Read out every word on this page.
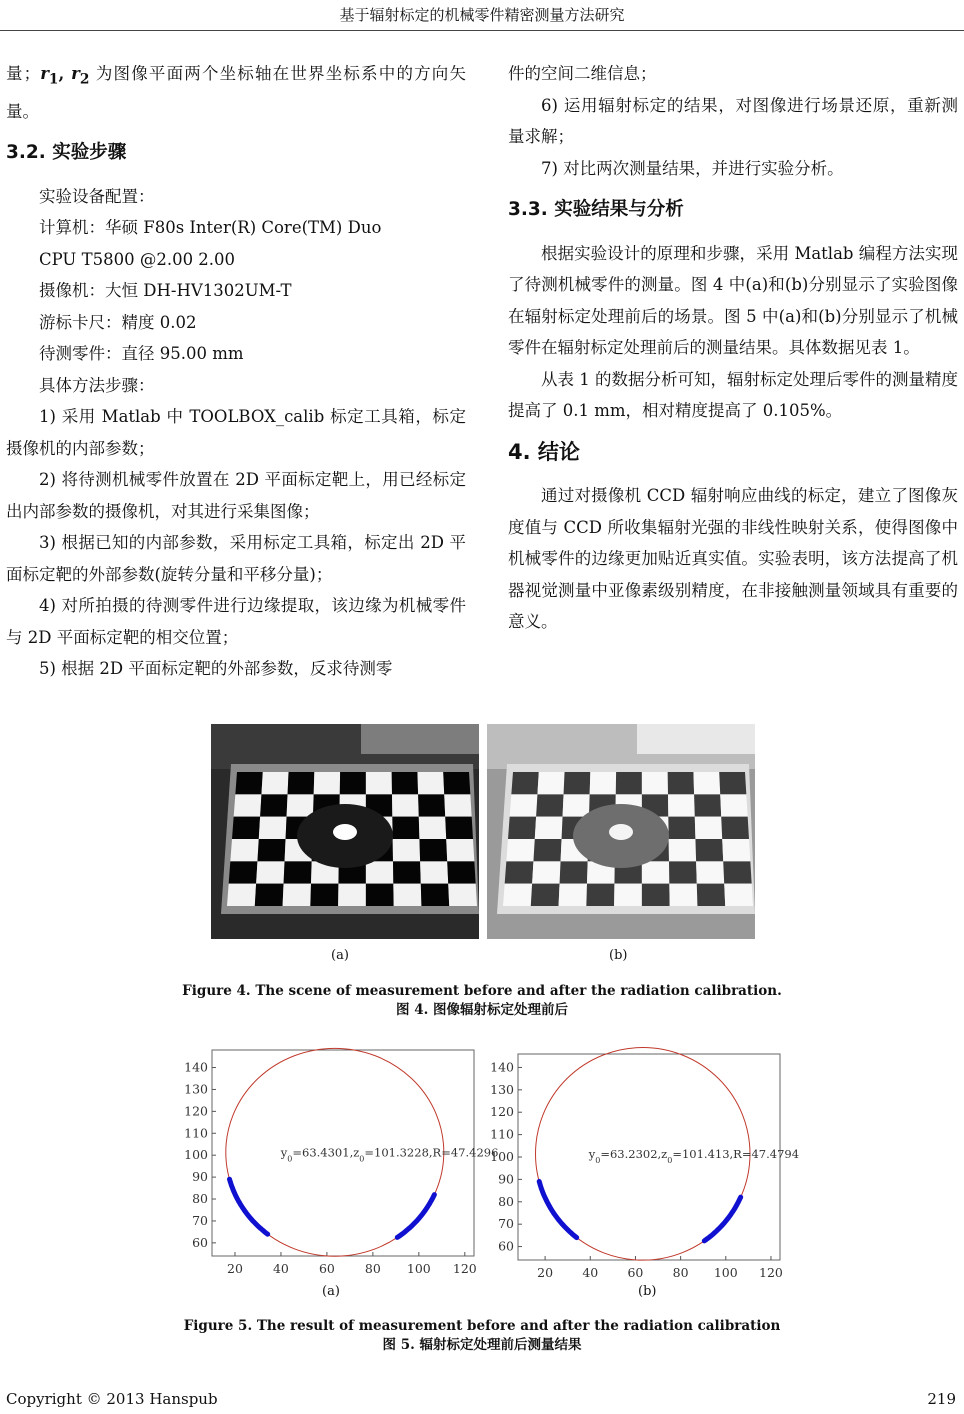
基于辐射标定的机械零件精密测量方法研究

量；$r_1$, $r_2$ 为图像平面两个坐标轴在世界坐标系中的方向矢量。

3.2. 实验步骤

实验设备配置：

计算机：华硕 F80s Inter(R) Core(TM) Duo

CPU T5800 @2.00 2.00

摄像机：大恒 DH-HV1302UM-T

游标卡尺：精度 0.02

待测零件：直径 95.00 mm

具体方法步骤：

1) 采用 Matlab 中 TOOLBOX_calib 标定工具箱，标定摄像机的内部参数；

2) 将待测机械零件放置在 2D 平面标定靶上，用已经标定出内部参数的摄像机，对其进行采集图像；

3) 根据已知的内部参数，采用标定工具箱，标定出 2D 平面标定靶的外部参数(旋转分量和平移分量)；

4) 对所拍摄的待测零件进行边缘提取，该边缘为机械零件与 2D 平面标定靶的相交位置；

5) 根据 2D 平面标定靶的外部参数，反求待测零

件的空间二维信息；

6) 运用辐射标定的结果，对图像进行场景还原，重新测量求解；

7) 对比两次测量结果，并进行实验分析。

3.3. 实验结果与分析

根据实验设计的原理和步骤，采用 Matlab 编程方法实现了待测机械零件的测量。图 4 中(a)和(b)分别显示了实验图像在辐射标定处理前后的场景。图 5 中(a)和(b)分别显示了机械零件在辐射标定处理前后的测量结果。具体数据见表 1。

从表 1 的数据分析可知，辐射标定处理后零件的测量精度提高了 0.1 mm，相对精度提高了 0.105%。

4. 结论

通过对摄像机 CCD 辐射响应曲线的标定，建立了图像灰度值与 CCD 所收集辐射光强的非线性映射关系，使得图像中机械零件的边缘更加贴近真实值。实验表明，该方法提高了机器视觉测量中亚像素级别精度，在非接触测量领域具有重要的意义。

(a)	(b)
Figure 4. The scene of measurement before and after the radiation calibration.
图 4. 图像辐射标定处理前后
20 40 60 80 100 120
60
70
80
90
100
110
120
130
140
$y_0=63.4301,z_0=101.3228,R=47.4296$
20 40 60 80 100 120
60
70
80
90
100
110
120
130
140
$y_0=63.2302,z_0=101.413,R=47.4794$
(a)	(b)
Figure 5. The result of measurement before and after the radiation calibration
图 5. 辐射标定处理前后测量结果
Copyright © 2013 Hanspub	219
